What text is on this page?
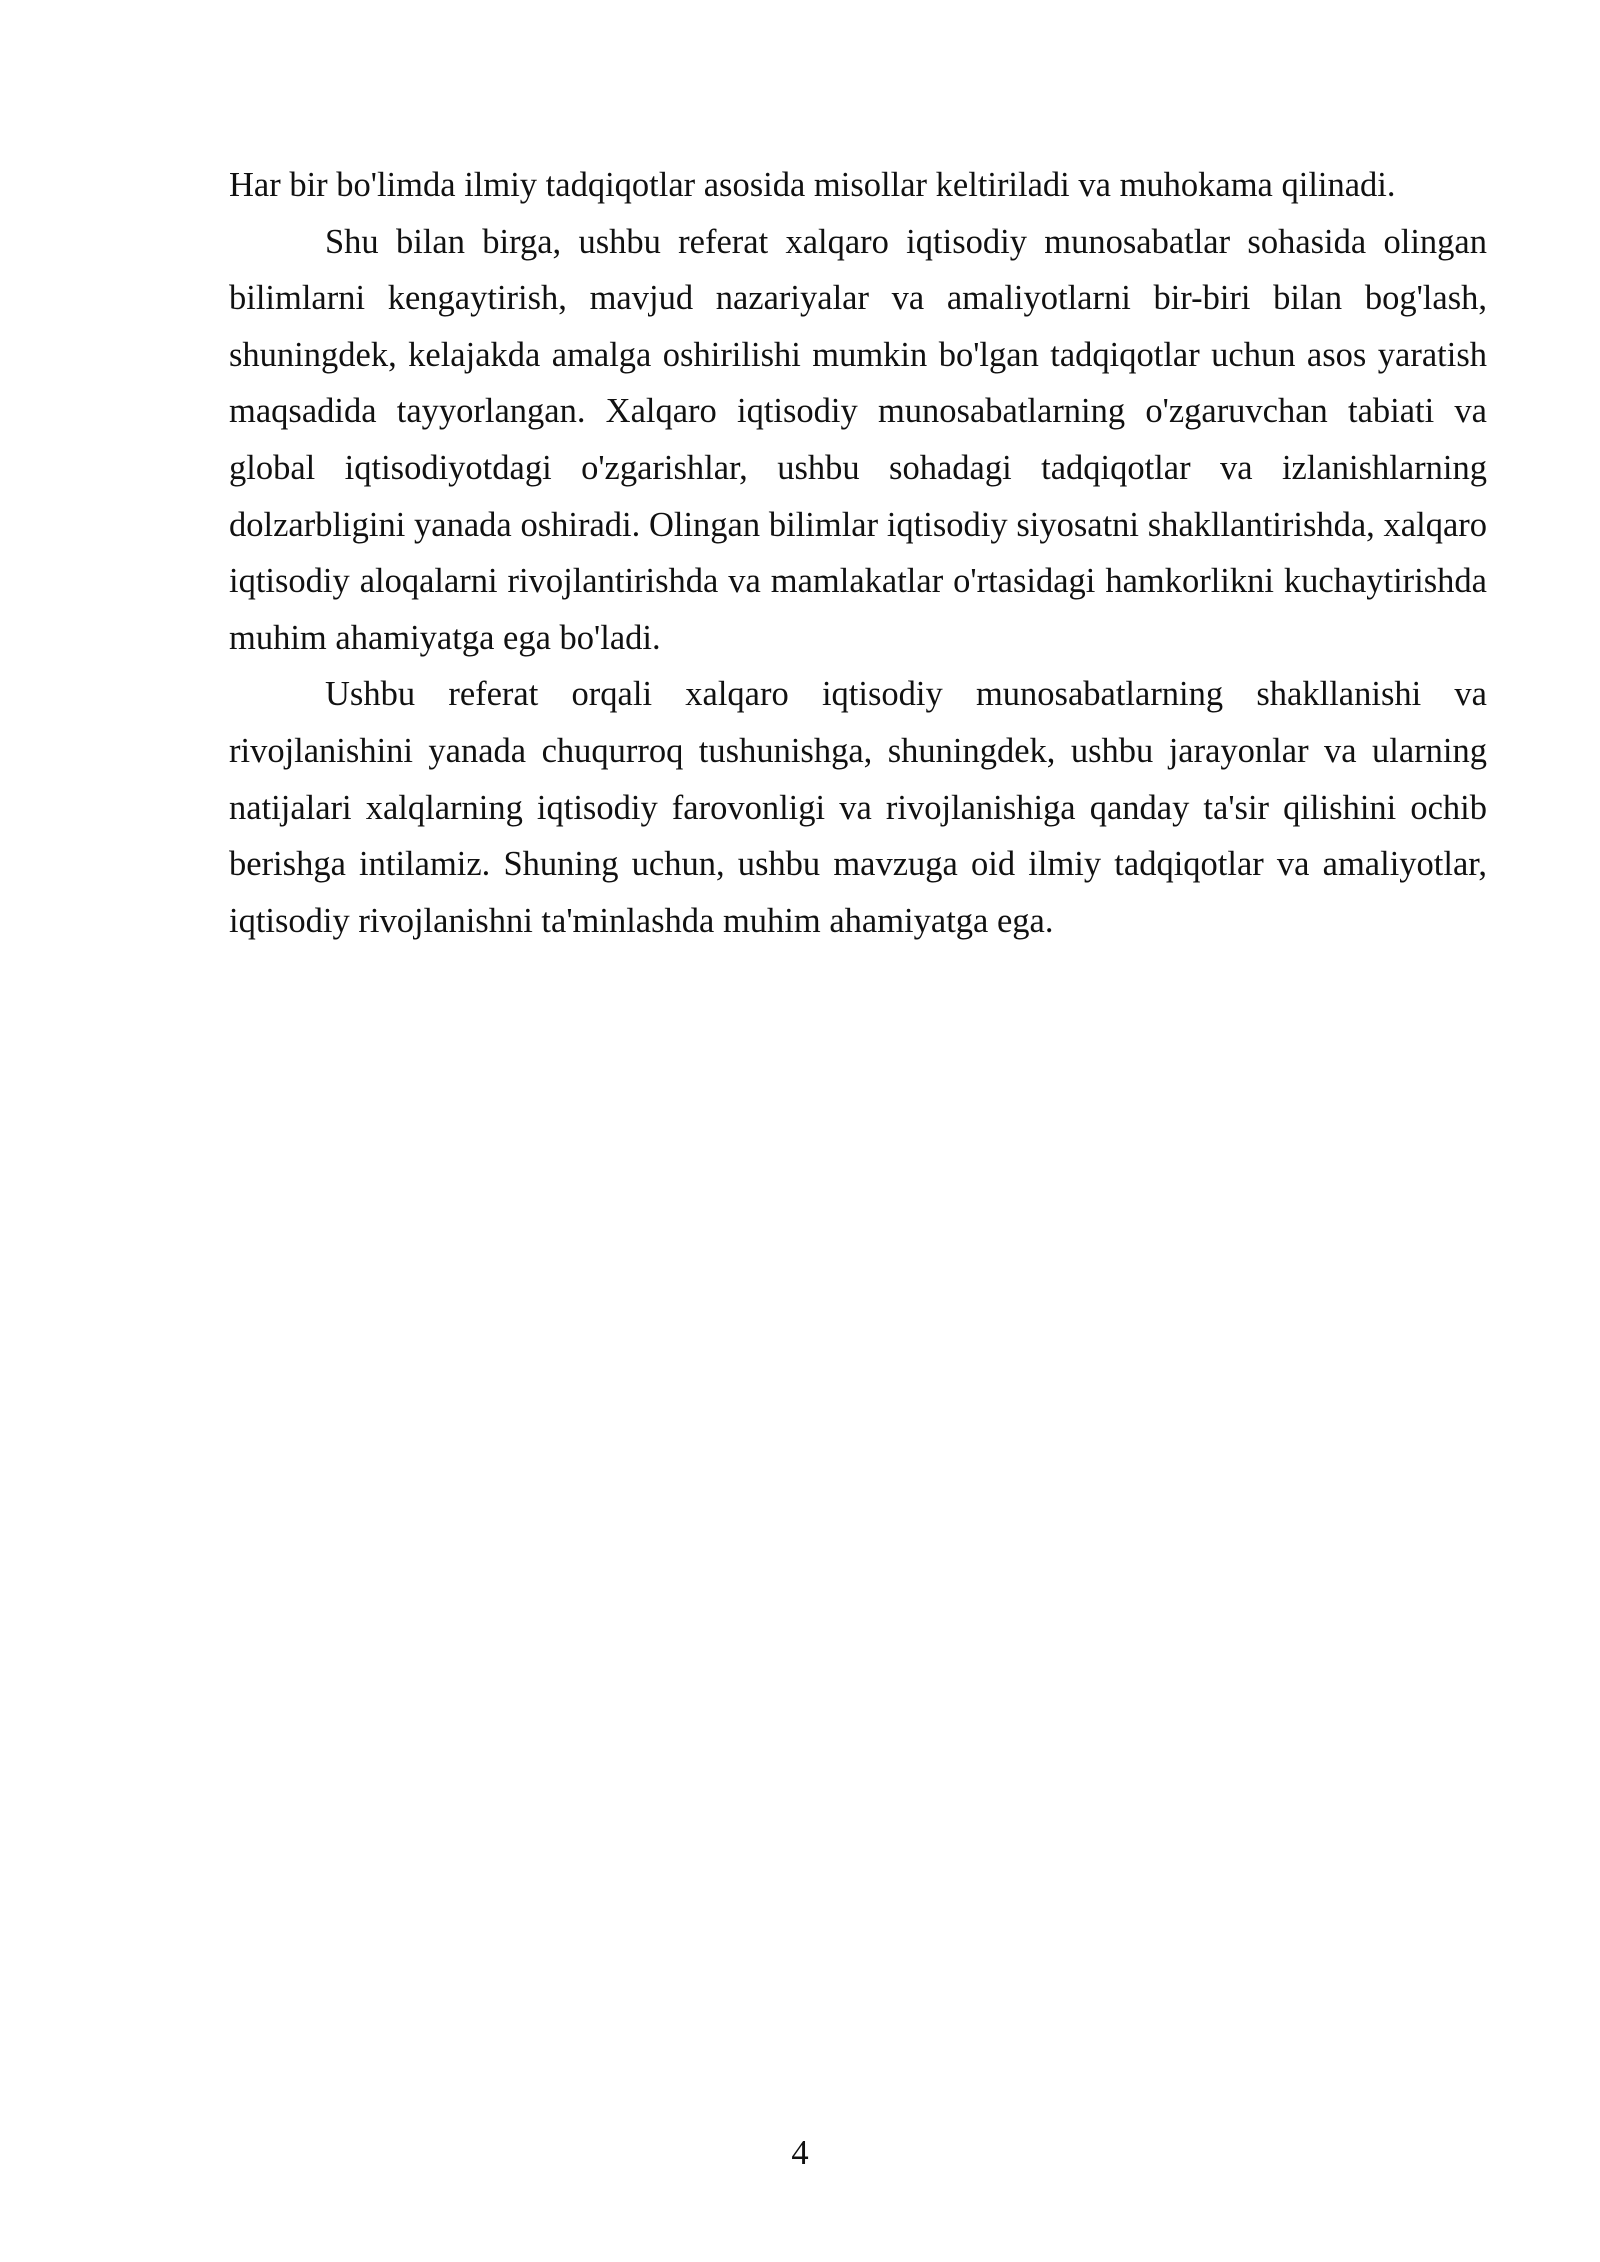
Har bir bo'limda ilmiy tadqiqotlar asosida misollar keltiriladi va muhokama qilinadi.

Shu bilan birga, ushbu referat xalqaro iqtisodiy munosabatlar sohasida olingan bilimlarni kengaytirish, mavjud nazariyalar va amaliyotlarni bir-biri bilan bog'lash, shuningdek, kelajakda amalga oshirilishi mumkin bo'lgan tadqiqotlar uchun asos yaratish maqsadida tayyorlangan. Xalqaro iqtisodiy munosabatlarning o'zgaruvchan tabiati va global iqtisodiyotdagi o'zgarishlar, ushbu sohadagi tadqiqotlar va izlanishlarning dolzarbligini yanada oshiradi. Olingan bilimlar iqtisodiy siyosatni shakllantirishda, xalqaro iqtisodiy aloqalarni rivojlantirishda va mamlakatlar o'rtasidagi hamkorlikni kuchaytirishda muhim ahamiyatga ega bo'ladi.

Ushbu referat orqali xalqaro iqtisodiy munosabatlarning shakllanishi va rivojlanishini yanada chuqurroq tushunishga, shuningdek, ushbu jarayonlar va ularning natijalari xalqlarning iqtisodiy farovonligi va rivojlanishiga qanday ta'sir qilishini ochib berishga intilamiz. Shuning uchun, ushbu mavzuga oid ilmiy tadqiqotlar va amaliyotlar, iqtisodiy rivojlanishni ta'minlashda muhim ahamiyatga ega.

4
